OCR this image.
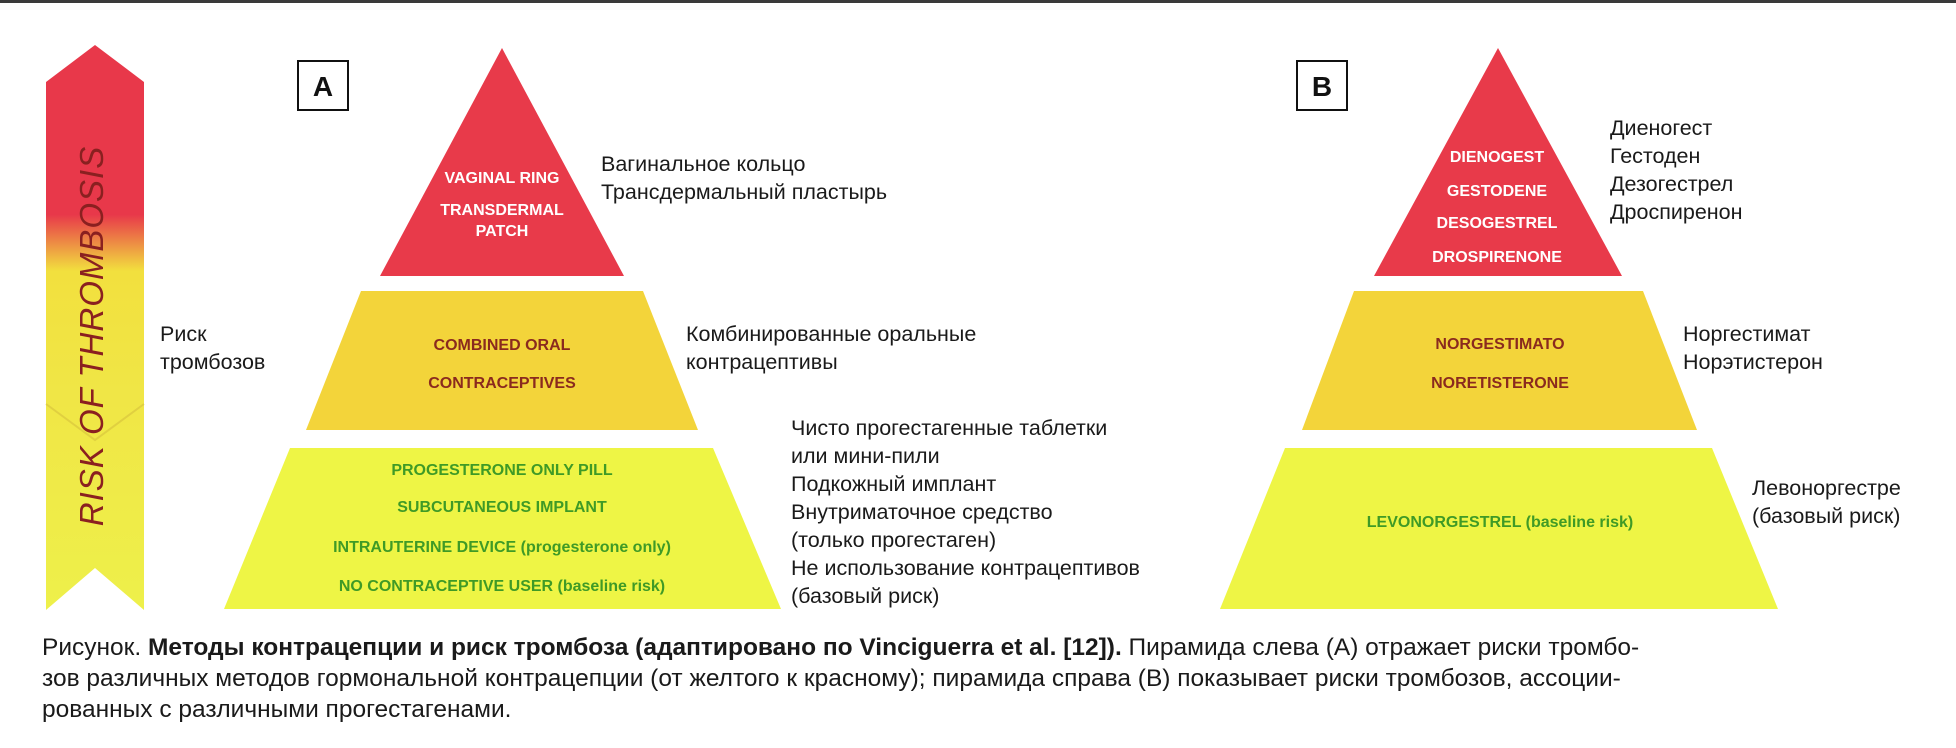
RISK OF THROMBOSIS
A	B
VAGINAL RING
TRANSDERMAL
PATCH
COMBINED ORAL
CONTRACEPTIVES
PROGESTERONE ONLY PILL
SUBCUTANEOUS IMPLANT
INTRAUTERINE DEVICE (progesterone only)
NO CONTRACEPTIVE USER (baseline risk)
DIENOGEST
GESTODENE
DESOGESTREL
DROSPIRENONE
NORGESTIMATO
NORETISTERONE
LEVONORGESTREL (baseline risk)
Риск
тромбозов
Вагинальное кольцо
Трансдермальный пластырь
Комбинированные оральные
контрацептивы
Чисто прогестагенные таблетки
или мини-пили
Подкожный имплант
Внутриматочное средство
(только прогестаген)
Не использование контрацептивов
(базовый риск)
Диеногест
Гестоден
Дезогестрел
Дроспиренон
Норгестимат
Норэтистерон
Левоноргестре
(базовый риск)
Рисунок. Методы контрацепции и риск тромбоза (адаптировано по Vinciguerra et al. [12]). Пирамида слева (А) отражает риски тромбо-
зов различных методов гормональной контрацепции (от желтого к красному); пирамида справа (В) показывает риски тромбозов, ассоции-
рованных с различными прогестагенами.
